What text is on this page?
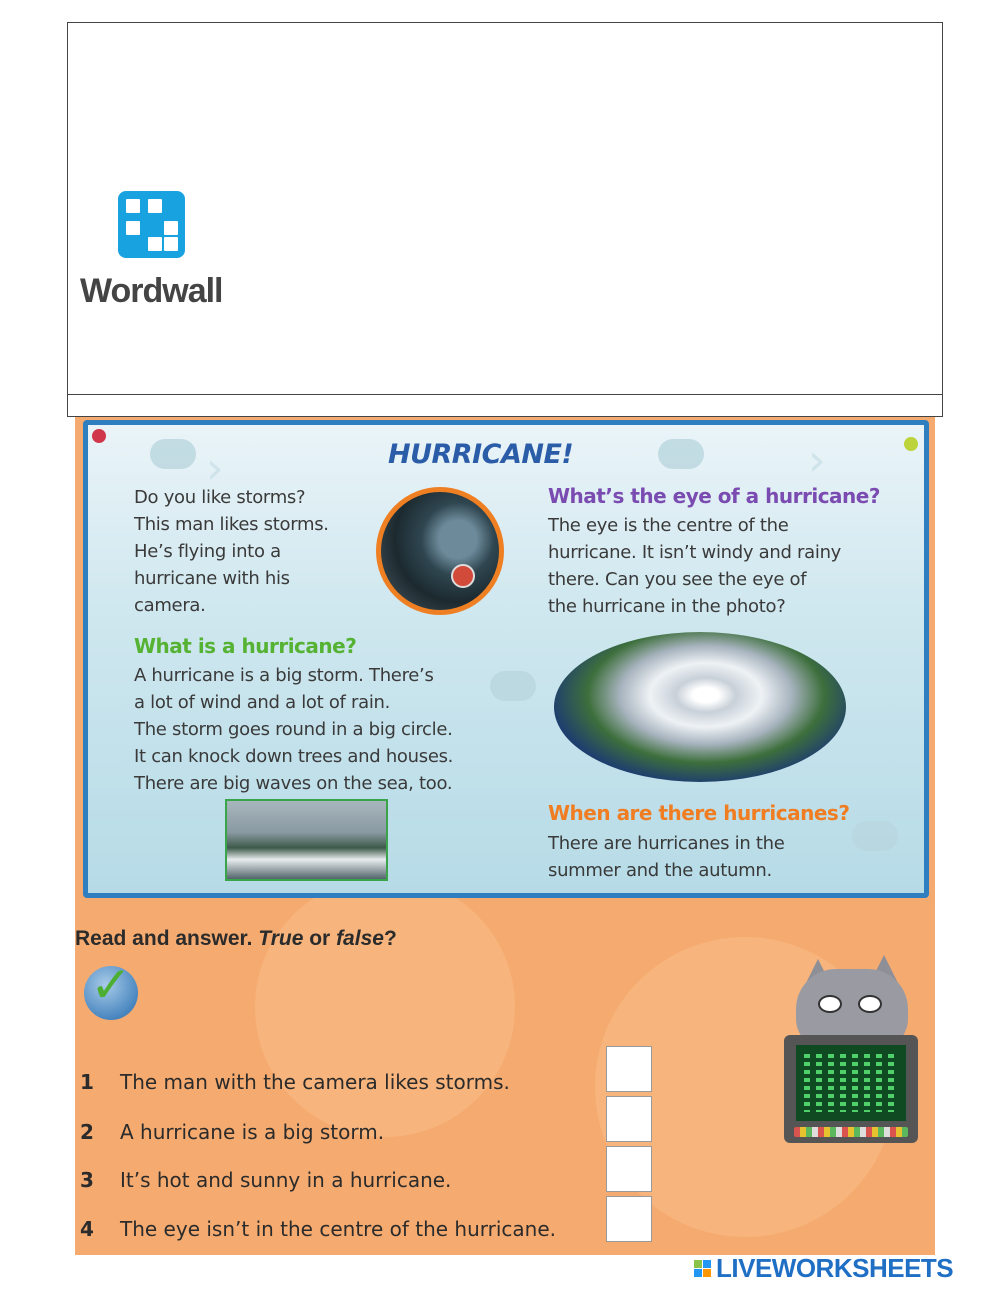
Wordwall
›	›
HURRICANE!
Do you like storms?
This man likes storms.
He’s flying into a
hurricane with his
camera.
What’s the eye of a hurricane?
The eye is the centre of the
hurricane. It isn’t windy and rainy
there. Can you see the eye of
the hurricane in the photo?
What is a hurricane?
A hurricane is a big storm. There’s
a lot of wind and a lot of rain.
The storm goes round in a big circle.
It can knock down trees and houses.
There are big waves on the sea, too.
When are there hurricanes?
There are hurricanes in the
summer and the autumn.
Read and answer. True or false?
✓
1 The man with the camera likes storms.
2 A hurricane is a big storm.
3 It’s hot and sunny in a hurricane.
4 The eye isn’t in the centre of the hurricane.
LIVEWORKSHEETS
